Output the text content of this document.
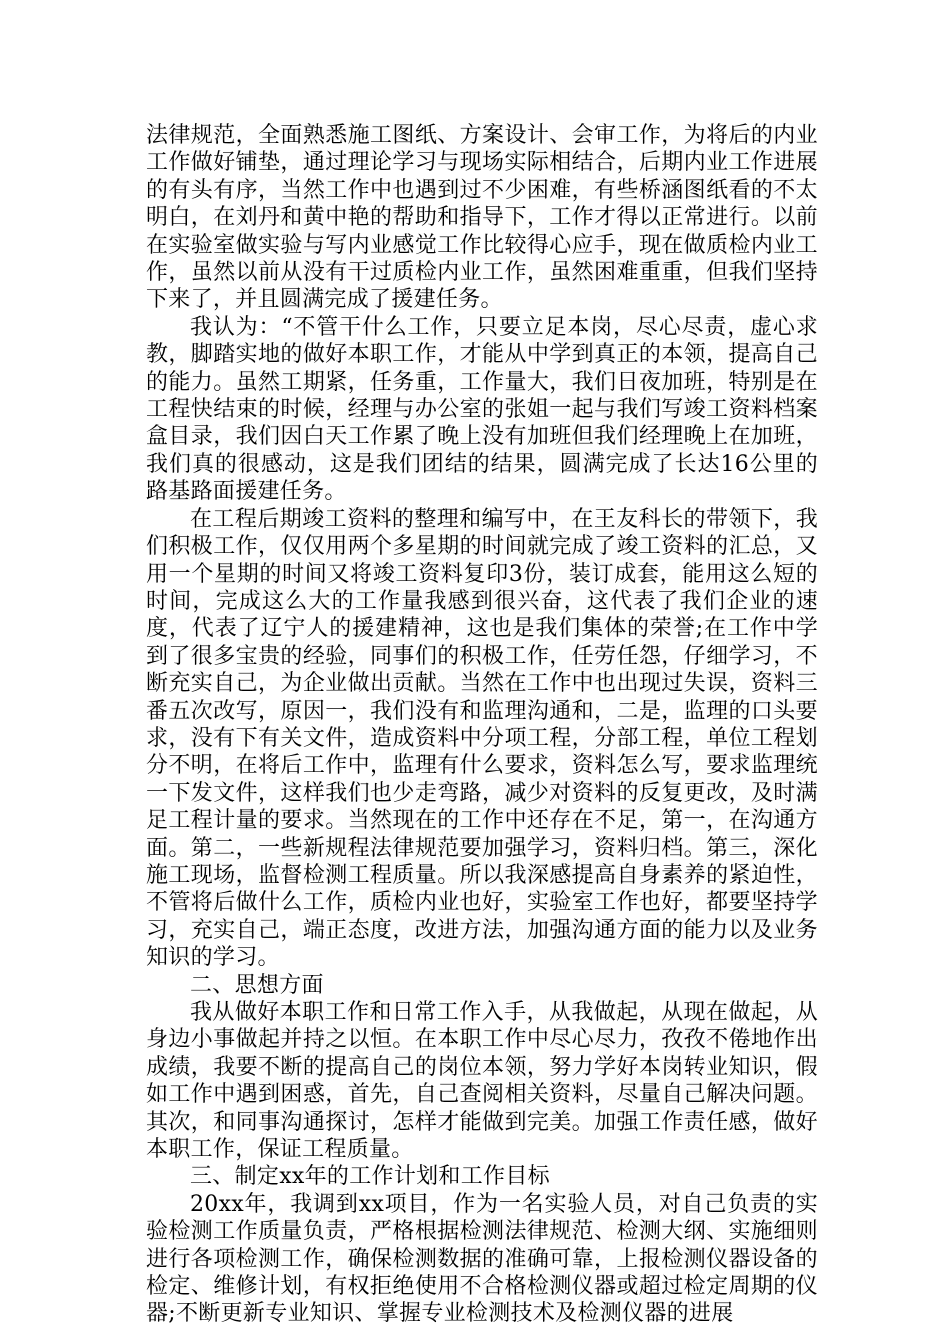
法律规范，全面熟悉施工图纸、方案设计、会审工作，为将后的内业工作做好铺垫，通过理论学习与现场实际相结合，后期内业工作进展的有头有序，当然工作中也遇到过不少困难，有些桥涵图纸看的不太明白，在刘丹和黄中艳的帮助和指导下，工作才得以正常进行。以前在实验室做实验与写内业感觉工作比较得心应手，现在做质检内业工作，虽然以前从没有干过质检内业工作，虽然困难重重，但我们坚持下来了，并且圆满完成了援建任务。

我认为：“不管干什么工作，只要立足本岗，尽心尽责，虚心求教，脚踏实地的做好本职工作，才能从中学到真正的本领，提高自己的能力。虽然工期紧，任务重，工作量大，我们日夜加班，特别是在工程快结束的时候，经理与办公室的张姐一起与我们写竣工资料档案盒目录，我们因白天工作累了晚上没有加班但我们经理晚上在加班，我们真的很感动，这是我们团结的结果，圆满完成了长达16公里的路基路面援建任务。

在工程后期竣工资料的整理和编写中，在王友科长的带领下，我们积极工作，仅仅用两个多星期的时间就完成了竣工资料的汇总，又用一个星期的时间又将竣工资料复印3份，装订成套，能用这么短的时间，完成这么大的工作量我感到很兴奋，这代表了我们企业的速度，代表了辽宁人的援建精神，这也是我们集体的荣誉;在工作中学到了很多宝贵的经验，同事们的积极工作，任劳任怨，仔细学习，不断充实自己，为企业做出贡献。当然在工作中也出现过失误，资料三番五次改写，原因一，我们没有和监理沟通和，二是，监理的口头要求，没有下有关文件，造成资料中分项工程，分部工程，单位工程划分不明，在将后工作中，监理有什么要求，资料怎么写，要求监理统一下发文件，这样我们也少走弯路，减少对资料的反复更改，及时满足工程计量的要求。当然现在的工作中还存在不足，第一，在沟通方面。第二，一些新规程法律规范要加强学习，资料归档。第三，深化施工现场，监督检测工程质量。所以我深感提高自身素养的紧迫性，不管将后做什么工作，质检内业也好，实验室工作也好，都要坚持学习，充实自己，端正态度，改进方法，加强沟通方面的能力以及业务知识的学习。

二、思想方面

我从做好本职工作和日常工作入手，从我做起，从现在做起，从身边小事做起并持之以恒。在本职工作中尽心尽力，孜孜不倦地作出成绩，我要不断的提高自己的岗位本领，努力学好本岗转业知识，假如工作中遇到困惑，首先，自己查阅相关资料，尽量自己解决问题。其次，和同事沟通探讨，怎样才能做到完美。加强工作责任感，做好本职工作，保证工程质量。

三、制定xx年的工作计划和工作目标

20xx年，我调到xx项目，作为一名实验人员，对自己负责的实验检测工作质量负责，严格根据检测法律规范、检测大纲、实施细则进行各项检测工作，确保检测数据的准确可靠，上报检测仪器设备的检定、维修计划，有权拒绝使用不合格检测仪器或超过检定周期的仪器;不断更新专业知识、掌握专业检测技术及检测仪器的进展
